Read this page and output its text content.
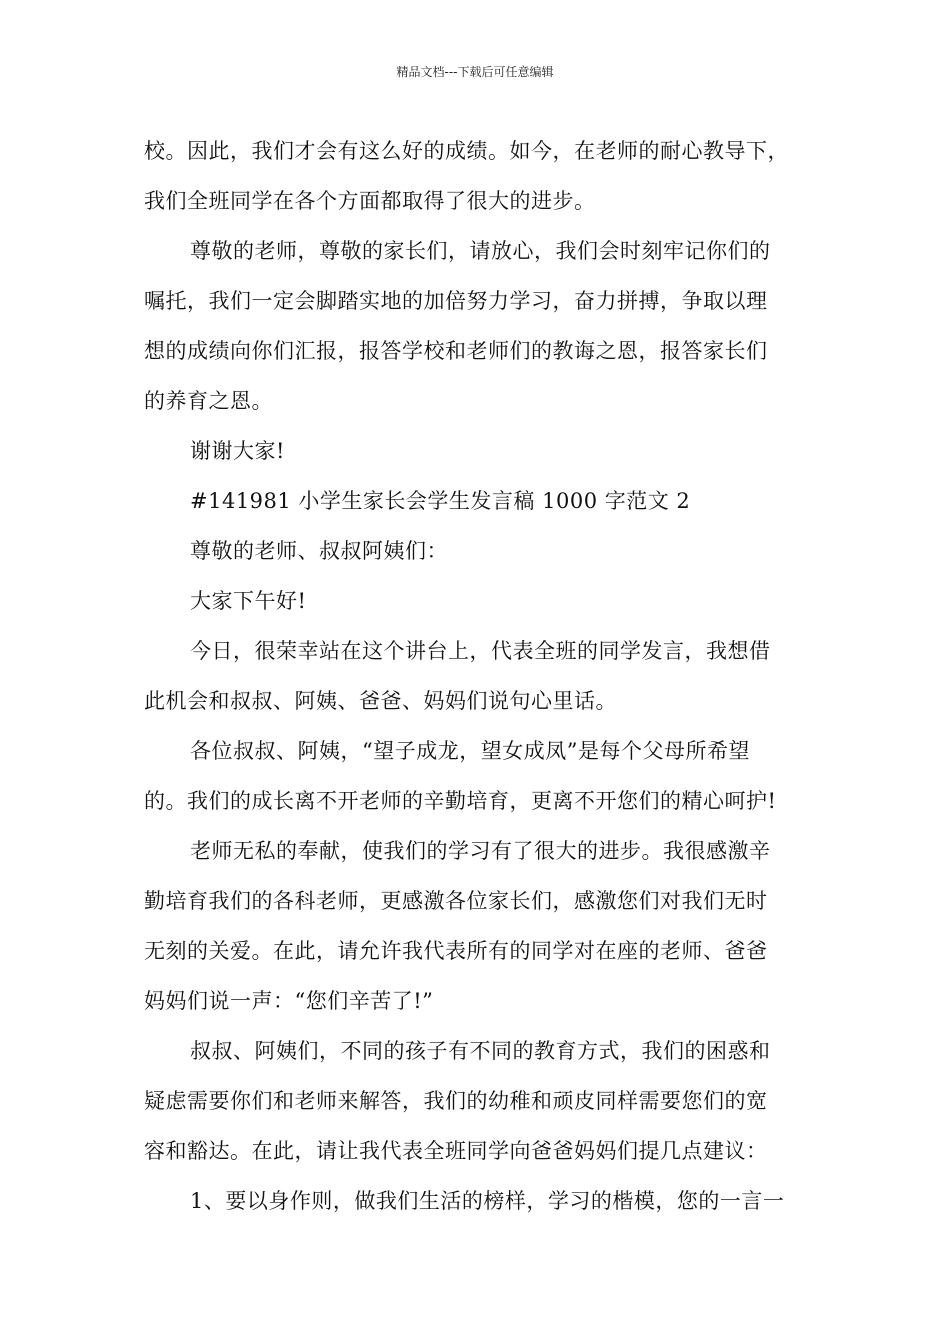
精品文档---下载后可任意编辑
校。因此，我们才会有这么好的成绩。如今，在老师的耐心教导下，
我们全班同学在各个方面都取得了很大的进步。
尊敬的老师，尊敬的家长们，请放心，我们会时刻牢记你们的
嘱托，我们一定会脚踏实地的加倍努力学习，奋力拼搏，争取以理
想的成绩向你们汇报，报答学校和老师们的教诲之恩，报答家长们
的养育之恩。
谢谢大家!
#141981 小学生家长会学生发言稿 1000 字范文 2
尊敬的老师、叔叔阿姨们：
大家下午好!
今日，很荣幸站在这个讲台上，代表全班的同学发言，我想借
此机会和叔叔、阿姨、爸爸、妈妈们说句心里话。
各位叔叔、阿姨，“望子成龙，望女成凤”是每个父母所希望
的。我们的成长离不开老师的辛勤培育，更离不开您们的精心呵护!
老师无私的奉献，使我们的学习有了很大的进步。我很感激辛
勤培育我们的各科老师，更感激各位家长们，感激您们对我们无时
无刻的关爱。在此，请允许我代表所有的同学对在座的老师、爸爸
妈妈们说一声：“您们辛苦了!”
叔叔、阿姨们，不同的孩子有不同的教育方式，我们的困惑和
疑虑需要你们和老师来解答，我们的幼稚和顽皮同样需要您们的宽
容和豁达。在此，请让我代表全班同学向爸爸妈妈们提几点建议：
1、要以身作则，做我们生活的榜样，学习的楷模，您的一言一
